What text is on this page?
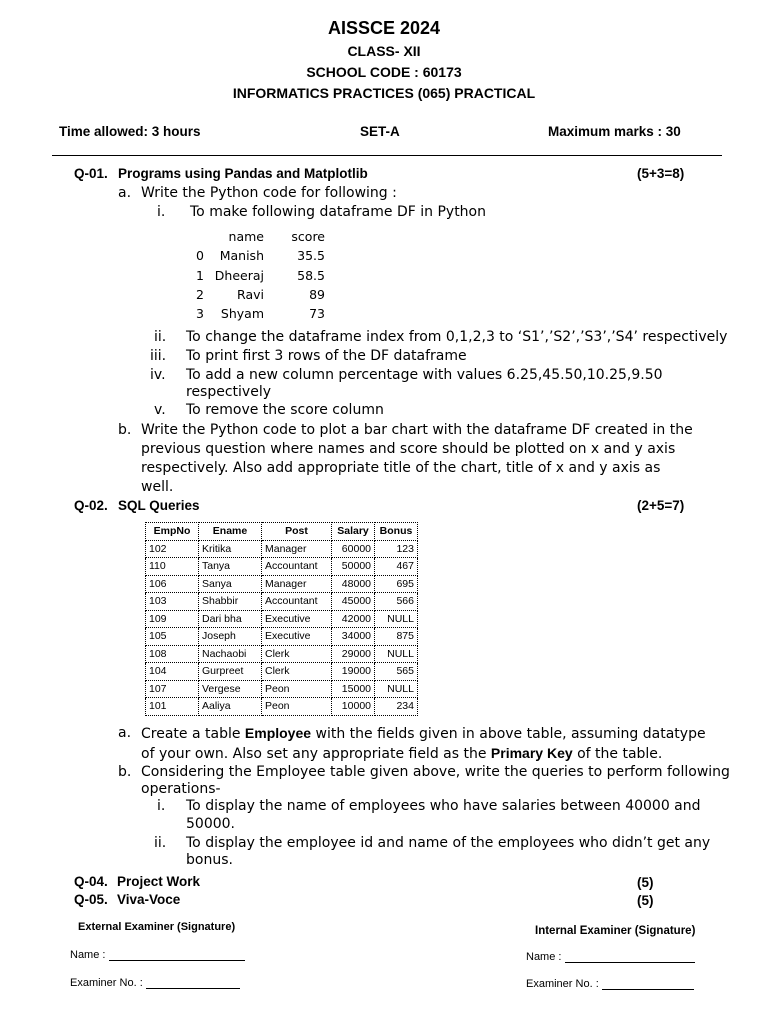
AISSCE 2024
CLASS- XII
SCHOOL CODE : 60173
INFORMATICS PRACTICES (065) PRACTICAL
Time allowed: 3 hours	SET-A	Maximum marks : 30
Q-01. Programs using Pandas and Matplotlib	(5+3=8)
a. Write the Python code for following :
i. To make following dataframe DF in Python
	name	score
0	Manish	35.5
1	Dheeraj	58.5
2	Ravi	89
3	Shyam	73
ii. To change the dataframe index from 0,1,2,3 to ‘S1’,’S2’,’S3’,’S4’ respectively
iii. To print first 3 rows of the DF dataframe
iv. To add a new column percentage with values 6.25,45.50,10.25,9.50
respectively
v. To remove the score column
b. Write the Python code to plot a bar chart with the dataframe DF created in the
previous question where names and score should be plotted on x and y axis
respectively. Also add appropriate title of the chart, title of x and y axis as
well.
Q-02. SQL Queries	(2+5=7)
EmpNo	Ename	Post	Salary	Bonus
102	Kritika	Manager	60000	123
110	Tanya	Accountant	50000	467
106	Sanya	Manager	48000	695
103	Shabbir	Accountant	45000	566
109	Dari bha	Executive	42000	NULL
105	Joseph	Executive	34000	875
108	Nachaobi	Clerk	29000	NULL
104	Gurpreet	Clerk	19000	565
107	Vergese	Peon	15000	NULL
101	Aaliya	Peon	10000	234
a. Create a table Employee with the fields given in above table, assuming datatype
of your own. Also set any appropriate field as the Primary Key of the table.
b. Considering the Employee table given above, write the queries to perform following
operations-
i. To display the name of employees who have salaries between 40000 and
50000.
ii. To display the employee id and name of the employees who didn’t get any
bonus.
Q-04. Project Work	(5)
Q-05. Viva-Voce	(5)
External Examiner (Signature)	Internal Examiner (Signature)
Name :
Examiner No. :
Name :
Examiner No. :
